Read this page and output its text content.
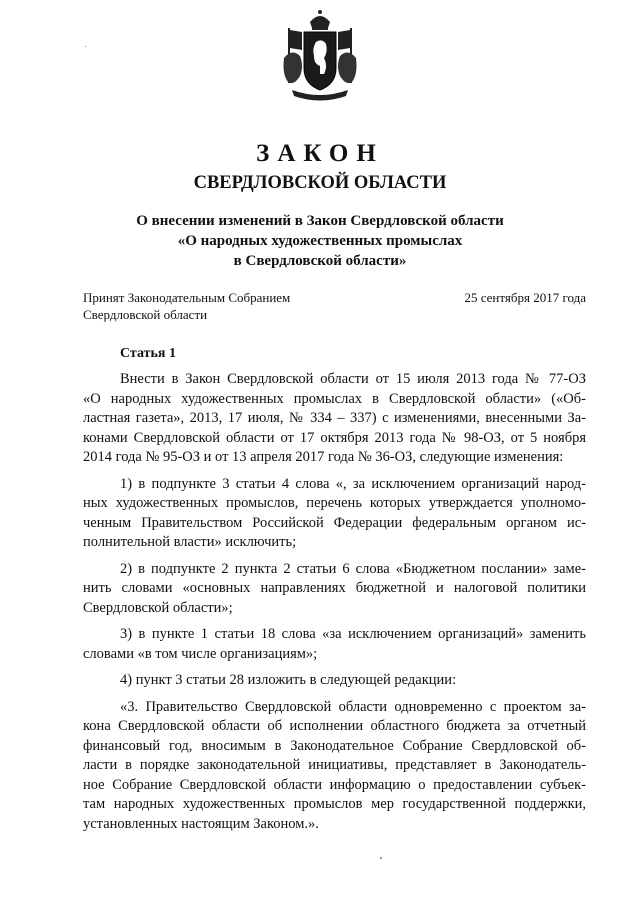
ЗАКОН
СВЕРДЛОВСКОЙ ОБЛАСТИ
О внесении изменений в Закон Свердловской области
«О народных художественных промыслах
в Свердловской области»
Принят Законодательным Собранием
Свердловской области
25 сентября 2017 года
Статья 1
Внести в Закон Свердловской области от 15 июля 2013 года № 77-ОЗ
«О народных художественных промыслах в Свердловской области» («Об-
ластная газета», 2013, 17 июля, № 334 – 337) с изменениями, внесенными За-
конами Свердловской области от 17 октября 2013 года № 98-ОЗ, от 5 ноября
2014 года № 95-ОЗ и от 13 апреля 2017 года № 36-ОЗ, следующие изменения:
1) в подпункте 3 статьи 4 слова «, за исключением организаций народ-
ных художественных промыслов, перечень которых утверждается уполномо-
ченным Правительством Российской Федерации федеральным органом ис-
полнительной власти» исключить;
2) в подпункте 2 пункта 2 статьи 6 слова «Бюджетном послании» заме-
нить словами «основных направлениях бюджетной и налоговой политики
Свердловской области»;
3) в пункте 1 статьи 18 слова «за исключением организаций» заменить
словами «в том числе организациям»;
4) пункт 3 статьи 28 изложить в следующей редакции:
«3. Правительство Свердловской области одновременно с проектом за-
кона Свердловской области об исполнении областного бюджета за отчетный
финансовый год, вносимым в Законодательное Собрание Свердловской об-
ласти в порядке законодательной инициативы, представляет в Законодатель-
ное Собрание Свердловской области информацию о предоставлении субъек-
там народных художественных промыслов мер государственной поддержки,
установленных настоящим Законом.».
